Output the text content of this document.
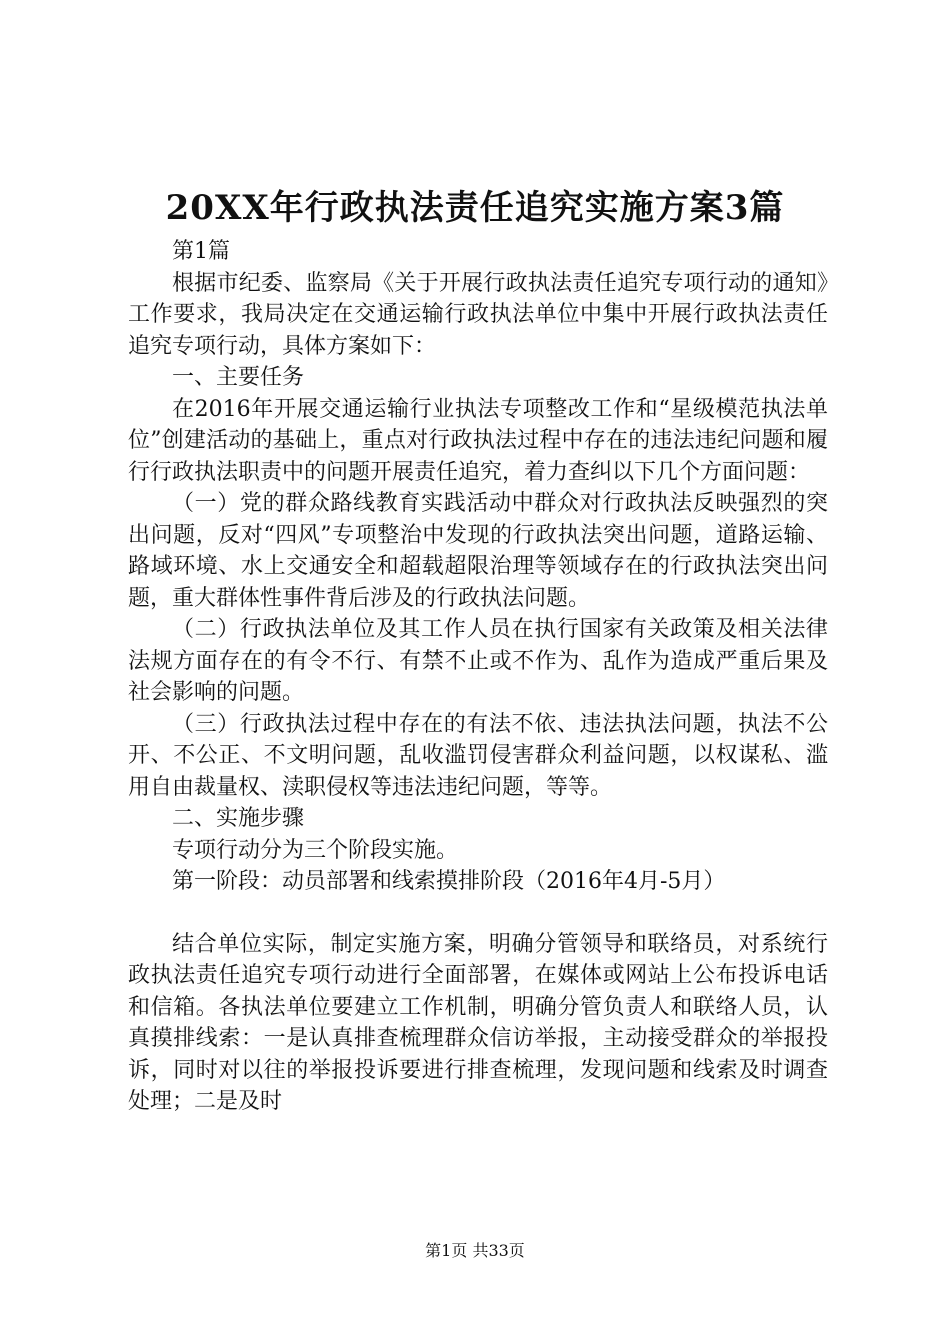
20XX年行政执法责任追究实施方案3篇

第1篇

根据市纪委、监察局《关于开展行政执法责任追究专项行动的通知》工作要求，我局决定在交通运输行政执法单位中集中开展行政执法责任追究专项行动，具体方案如下：

一、主要任务

在2016年开展交通运输行业执法专项整改工作和“星级模范执法单位”创建活动的基础上，重点对行政执法过程中存在的违法违纪问题和履行行政执法职责中的问题开展责任追究，着力查纠以下几个方面问题：

（一）党的群众路线教育实践活动中群众对行政执法反映强烈的突出问题，反对“四风”专项整治中发现的行政执法突出问题，道路运输、路域环境、水上交通安全和超载超限治理等领域存在的行政执法突出问题，重大群体性事件背后涉及的行政执法问题。

（二）行政执法单位及其工作人员在执行国家有关政策及相关法律法规方面存在的有令不行、有禁不止或不作为、乱作为造成严重后果及社会影响的问题。

（三）行政执法过程中存在的有法不依、违法执法问题，执法不公开、不公正、不文明问题，乱收滥罚侵害群众利益问题，以权谋私、滥用自由裁量权、渎职侵权等违法违纪问题，等等。

二、实施步骤

专项行动分为三个阶段实施。

第一阶段：动员部署和线索摸排阶段（2016年4月-5月）

结合单位实际，制定实施方案，明确分管领导和联络员，对系统行政执法责任追究专项行动进行全面部署，在媒体或网站上公布投诉电话和信箱。各执法单位要建立工作机制，明确分管负责人和联络人员，认真摸排线索：一是认真排查梳理群众信访举报，主动接受群众的举报投诉，同时对以往的举报投诉要进行排查梳理，发现问题和线索及时调查处理；二是及时

第1页 共33页
